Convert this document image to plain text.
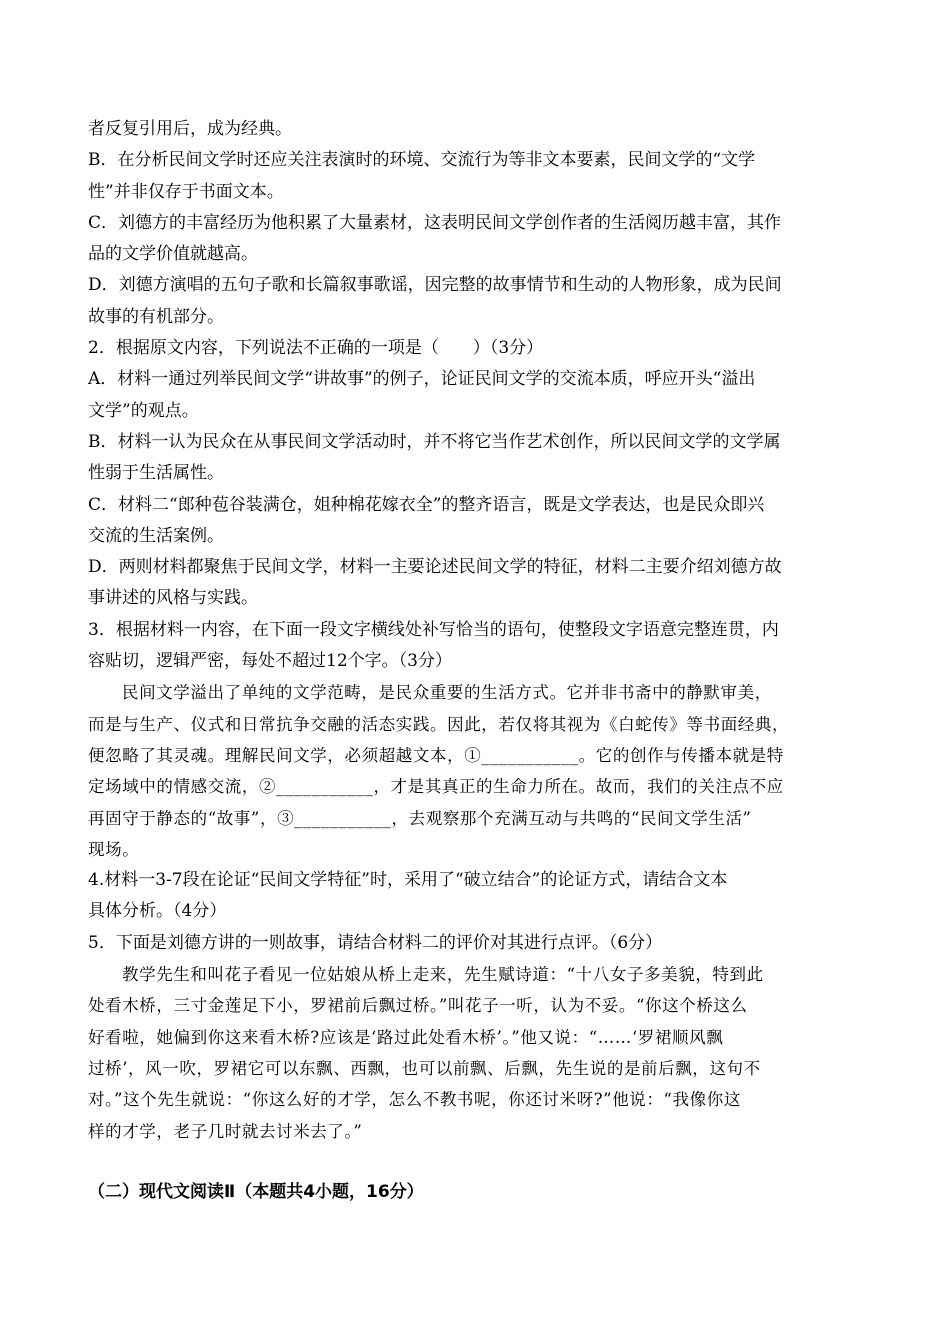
者反复引用后，成为经典。
B．在分析民间文学时还应关注表演时的环境、交流行为等非文本要素，民间文学的“文学
性”并非仅存于书面文本。
C．刘德方的丰富经历为他积累了大量素材，这表明民间文学创作者的生活阅历越丰富，其作
品的文学价值就越高。
D．刘德方演唱的五句子歌和长篇叙事歌谣，因完整的故事情节和生动的人物形象，成为民间
故事的有机部分。
2．根据原文内容，下列说法不正确的一项是（　　）（3分）
A．材料一通过列举民间文学“讲故事”的例子，论证民间文学的交流本质，呼应开头“溢出
文学”的观点。
B．材料一认为民众在从事民间文学活动时，并不将它当作艺术创作，所以民间文学的文学属
性弱于生活属性。
C．材料二“郎种苞谷装满仓，姐种棉花嫁衣全”的整齐语言，既是文学表达，也是民众即兴
交流的生活案例。
D．两则材料都聚焦于民间文学，材料一主要论述民间文学的特征，材料二主要介绍刘德方故
事讲述的风格与实践。
3．根据材料一内容，在下面一段文字横线处补写恰当的语句，使整段文字语意完整连贯，内
容贴切，逻辑严密，每处不超过12个字。（3分）
民间文学溢出了单纯的文学范畴，是民众重要的生活方式。它并非书斋中的静默审美，
而是与生产、仪式和日常抗争交融的活态实践。因此，若仅将其视为《白蛇传》等书面经典，
便忽略了其灵魂。理解民间文学，必须超越文本，①___________。它的创作与传播本就是特
定场域中的情感交流，②___________，才是其真正的生命力所在。故而，我们的关注点不应
再固守于静态的“故事”，③___________，去观察那个充满互动与共鸣的“民间文学生活”
现场。
4.材料一3-7段在论证“民间文学特征”时，采用了“破立结合”的论证方式，请结合文本
具体分析。（4分）
5．下面是刘德方讲的一则故事，请结合材料二的评价对其进行点评。（6分）
教学先生和叫花子看见一位姑娘从桥上走来，先生赋诗道：“十八女子多美貌，特到此
处看木桥，三寸金莲足下小，罗裙前后飘过桥。”叫花子一听，认为不妥。“你这个桥这么
好看啦，她偏到你这来看木桥?应该是‘路过此处看木桥’。”他又说：“……‘罗裙顺风飘
过桥’，风一吹，罗裙它可以东飘、西飘，也可以前飘、后飘，先生说的是前后飘，这句不
对。”这个先生就说：“你这么好的才学，怎么不教书呢，你还讨米呀?”他说：“我像你这
样的才学，老子几时就去讨米去了。”
（二）现代文阅读Ⅱ（本题共4小题，16分）
